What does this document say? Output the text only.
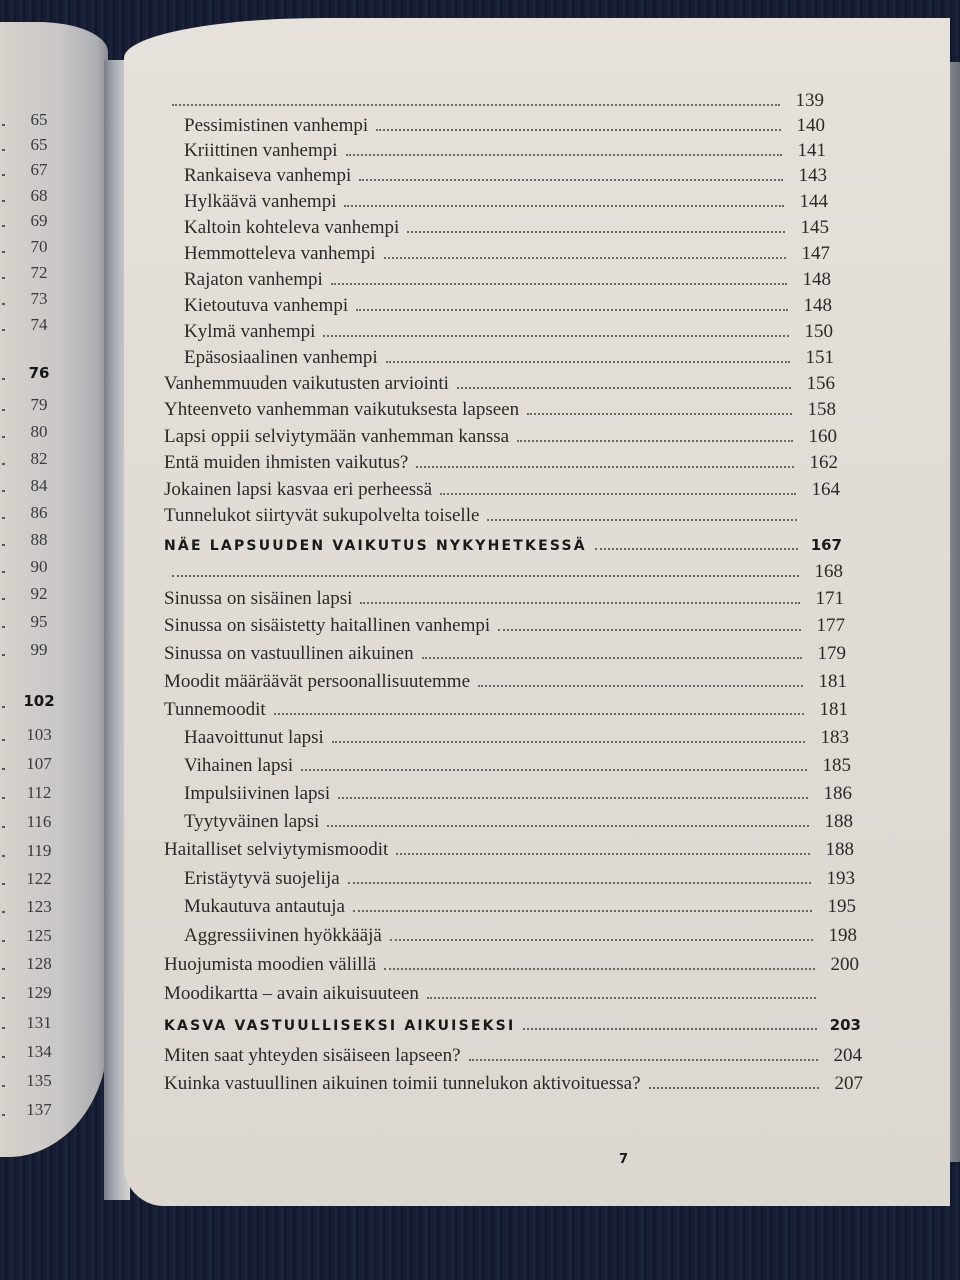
65
65
67
68
69
70
72
73
74
76
79
80
82
84
86
88
90
92
95
99
102
103
107
112
116
119
122
123
125
128
129
131
134
135
137
139
Pessimistinen vanhempi	140
Kriittinen vanhempi	141
Rankaiseva vanhempi	143
Hylkäävä vanhempi	144
Kaltoin kohteleva vanhempi	145
Hemmotteleva vanhempi	147
Rajaton vanhempi	148
Kietoutuva vanhempi	148
Kylmä vanhempi	150
Epäsosiaalinen vanhempi	151
Vanhemmuuden vaikutusten arviointi	156
Yhteenveto vanhemman vaikutuksesta lapseen	158
Lapsi oppii selviytymään vanhemman kanssa	160
Entä muiden ihmisten vaikutus?	162
Jokainen lapsi kasvaa eri perheessä	164
Tunnelukot siirtyvät sukupolvelta toiselle
NÄE LAPSUUDEN VAIKUTUS NYKYHETKESSÄ	167
168
Sinussa on sisäinen lapsi	171
Sinussa on sisäistetty haitallinen vanhempi	177
Sinussa on vastuullinen aikuinen	179
Moodit määräävät persoonallisuutemme	181
Tunnemoodit	181
Haavoittunut lapsi	183
Vihainen lapsi	185
Impulsiivinen lapsi	186
Tyytyväinen lapsi	188
Haitalliset selviytymismoodit	188
Eristäytyvä suojelija	193
Mukautuva antautuja	195
Aggressiivinen hyökkääjä	198
Huojumista moodien välillä	200
Moodikartta – avain aikuisuuteen
KASVA VASTUULLISEKSI AIKUISEKSI	203
Miten saat yhteyden sisäiseen lapseen?	204
Kuinka vastuullinen aikuinen toimii tunnelukon aktivoituessa?	207
7
